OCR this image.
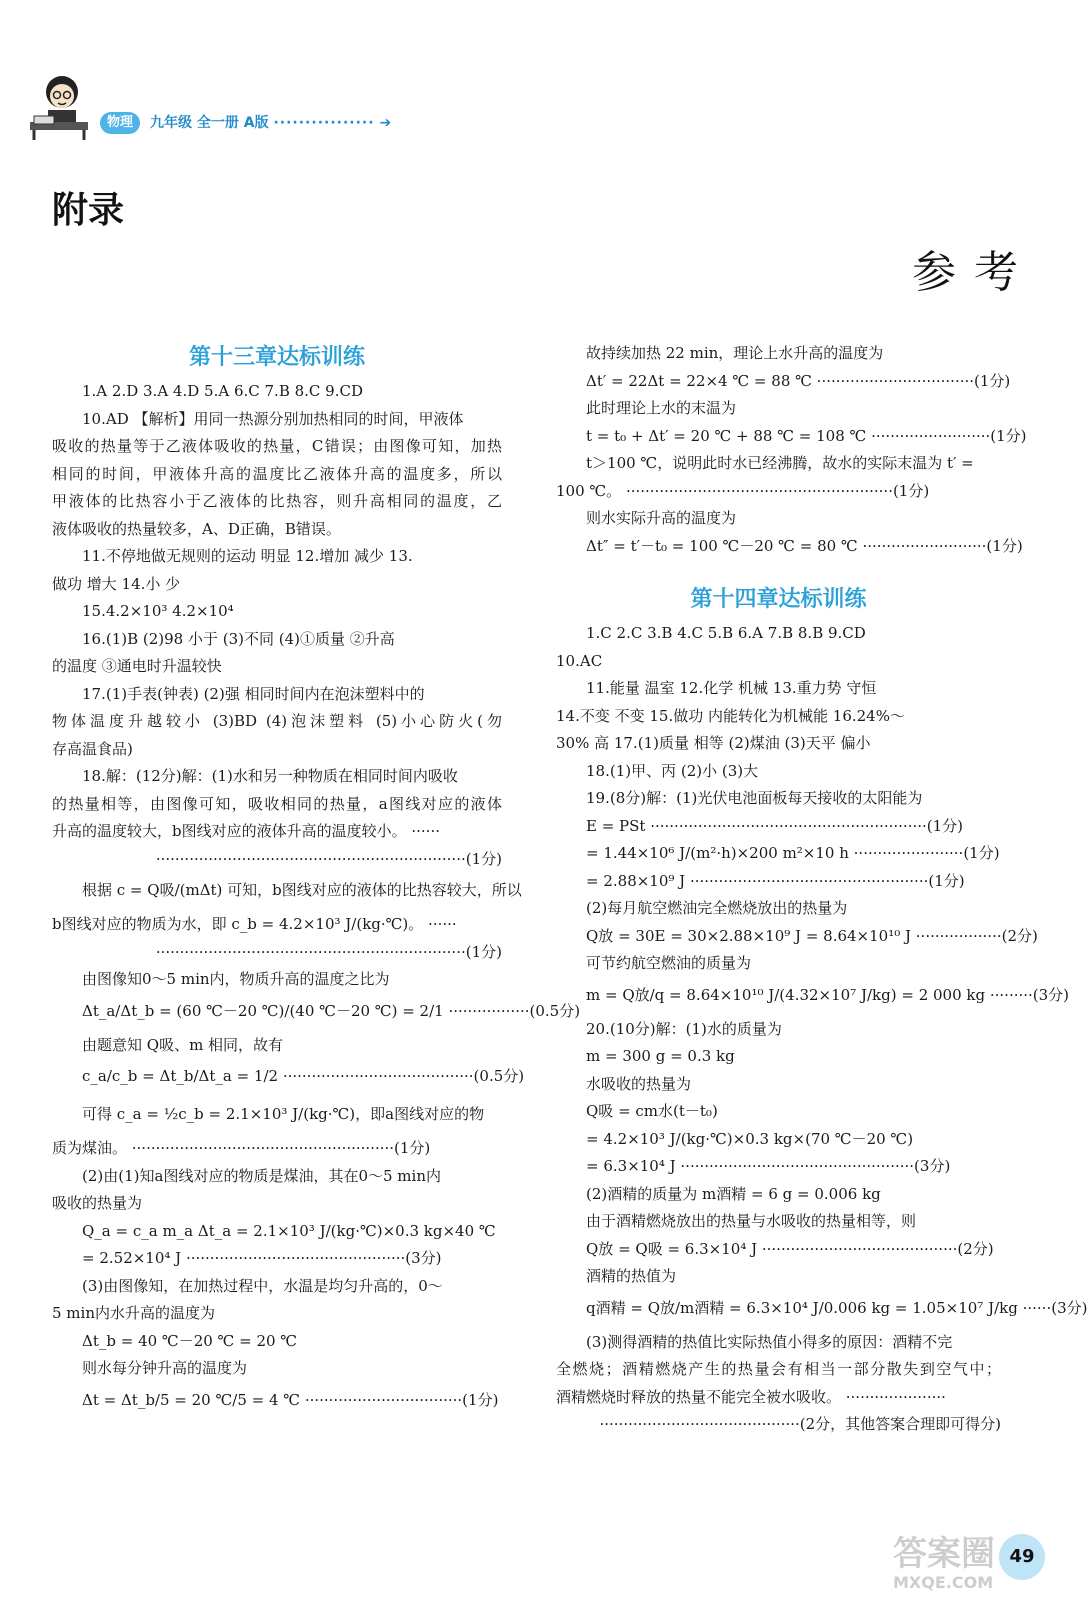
物理	九年级 全一册 A版 ················ ➔
附录
参考
第十三章达标训练
1.A 2.D 3.A 4.D 5.A 6.C 7.B 8.C 9.CD
10.AD 【解析】用同一热源分别加热相同的时间，甲液体
吸收的热量等于乙液体吸收的热量，C错误；由图像可知，加热
相同的时间，甲液体升高的温度比乙液体升高的温度多，所以
甲液体的比热容小于乙液体的比热容，则升高相同的温度，乙
液体吸收的热量较多，A、D正确，B错误。
11.不停地做无规则的运动 明显 12.增加 减少 13.
做功 增大 14.小 少
15.4.2×10³ 4.2×10⁴
16.(1)B (2)98 小于 (3)不同 (4)①质量 ②升高
的温度 ③通电时升温较快
17.(1)手表(钟表) (2)强 相同时间内在泡沫塑料中的
物体温度升越较小 (3)BD (4)泡沫塑料 (5)小心防火(勿
存高温食品)
18.解：(12分)解：(1)水和另一种物质在相同时间内吸收
的热量相等，由图像可知，吸收相同的热量，a图线对应的液体
升高的温度较大，b图线对应的液体升高的温度较小。 ······
·································································(1分)
根据 c = Q吸/(mΔt) 可知，b图线对应的液体的比热容较大，所以
b图线对应的物质为水，即 c_b = 4.2×10³ J/(kg·℃)。 ······
·································································(1分)
由图像知0～5 min内，物质升高的温度之比为
Δt_a/Δt_b = (60 ℃－20 ℃)/(40 ℃－20 ℃) = 2/1 ·················(0.5分)
由题意知 Q吸、m 相同，故有
c_a/c_b = Δt_b/Δt_a = 1/2 ········································(0.5分)
可得 c_a = ½c_b = 2.1×10³ J/(kg·℃)，即a图线对应的物
质为煤油。 ·······················································(1分)
(2)由(1)知a图线对应的物质是煤油，其在0～5 min内
吸收的热量为
Q_a = c_a m_a Δt_a = 2.1×10³ J/(kg·℃)×0.3 kg×40 ℃
= 2.52×10⁴ J ··············································(3分)
(3)由图像知，在加热过程中，水温是均匀升高的，0～
5 min内水升高的温度为
Δt_b = 40 ℃－20 ℃ = 20 ℃
则水每分钟升高的温度为
Δt = Δt_b/5 = 20 ℃/5 = 4 ℃ ·································(1分)
故持续加热 22 min，理论上水升高的温度为
Δt′ = 22Δt = 22×4 ℃ = 88 ℃ ·································(1分)
此时理论上水的末温为
t = t₀ + Δt′ = 20 ℃ + 88 ℃ = 108 ℃ ·························(1分)
t＞100 ℃，说明此时水已经沸腾，故水的实际末温为 t′ =
100 ℃。 ························································(1分)
则水实际升高的温度为
Δt″ = t′－t₀ = 100 ℃－20 ℃ = 80 ℃ ··························(1分)
第十四章达标训练
1.C 2.C 3.B 4.C 5.B 6.A 7.B 8.B 9.CD
10.AC
11.能量 温室 12.化学 机械 13.重力势 守恒
14.不变 不变 15.做功 内能转化为机械能 16.24%～
30% 高 17.(1)质量 相等 (2)煤油 (3)天平 偏小
18.(1)甲、丙 (2)小 (3)大
19.(8分)解：(1)光伏电池面板每天接收的太阳能为
E = PSt ··························································(1分)
= 1.44×10⁶ J/(m²·h)×200 m²×10 h ·······················(1分)
= 2.88×10⁹ J ··················································(1分)
(2)每月航空燃油完全燃烧放出的热量为
Q放 = 30E = 30×2.88×10⁹ J = 8.64×10¹⁰ J ··················(2分)
可节约航空燃油的质量为
m = Q放/q = 8.64×10¹⁰ J/(4.32×10⁷ J/kg) = 2 000 kg ·········(3分)
20.(10分)解：(1)水的质量为
m = 300 g = 0.3 kg
水吸收的热量为
Q吸 = cm水(t－t₀)
= 4.2×10³ J/(kg·℃)×0.3 kg×(70 ℃－20 ℃)
= 6.3×10⁴ J ·················································(3分)
(2)酒精的质量为 m酒精 = 6 g = 0.006 kg
由于酒精燃烧放出的热量与水吸收的热量相等，则
Q放 = Q吸 = 6.3×10⁴ J ·········································(2分)
酒精的热值为
q酒精 = Q放/m酒精 = 6.3×10⁴ J/0.006 kg = 1.05×10⁷ J/kg ······(3分)
(3)测得酒精的热值比实际热值小得多的原因：酒精不完
全燃烧；酒精燃烧产生的热量会有相当一部分散失到空气中；
酒精燃烧时释放的热量不能完全被水吸收。 ·····················
··········································(2分，其他答案合理即可得分)
答案圈
MXQE.COM
49
